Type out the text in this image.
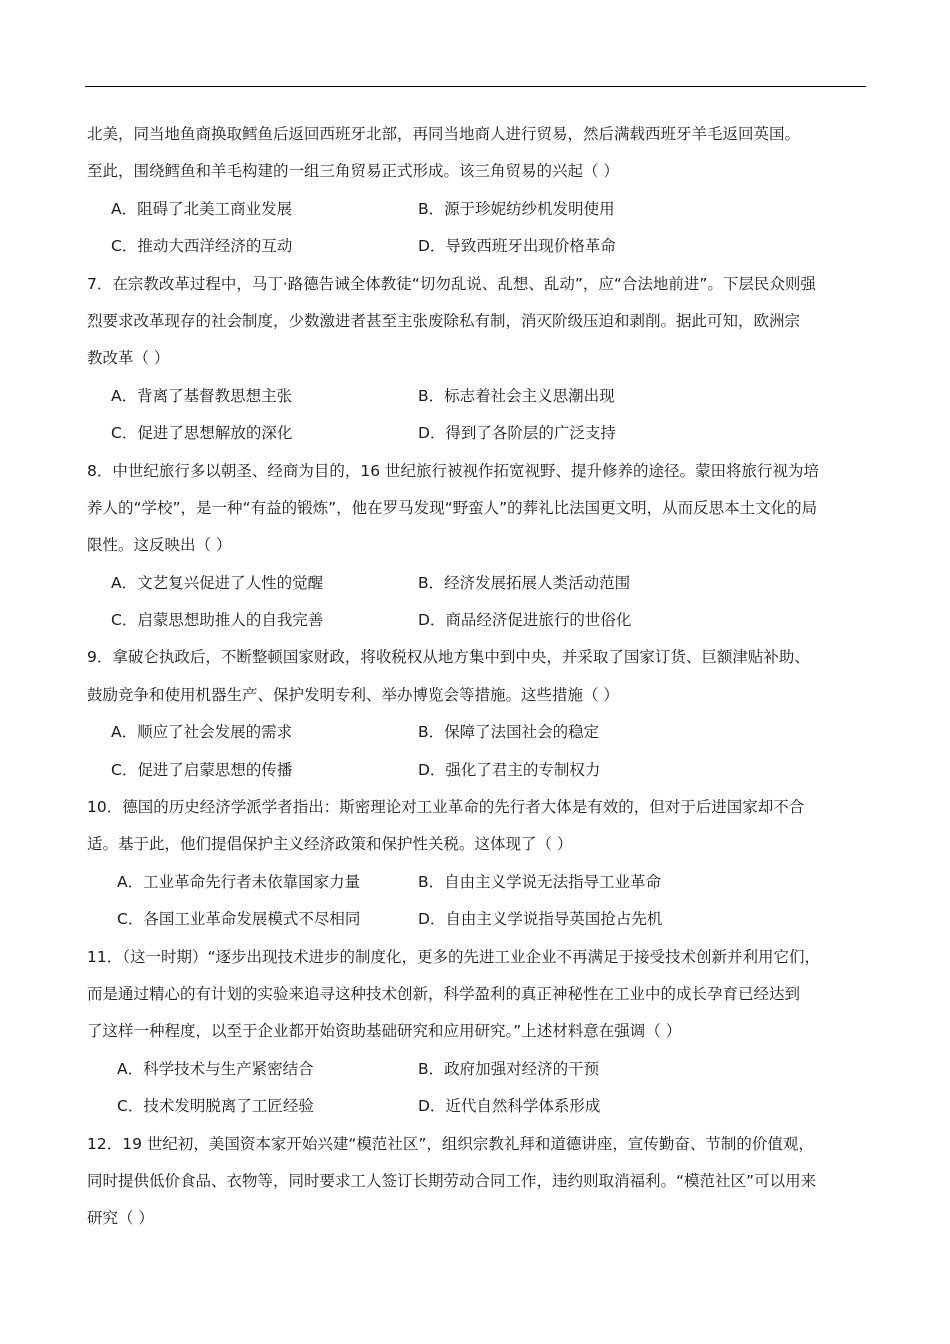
北美，同当地鱼商换取鳕鱼后返回西班牙北部，再同当地商人进行贸易，然后满载西班牙羊毛返回英国。
至此，围绕鳕鱼和羊毛构建的一组三角贸易正式形成。该三角贸易的兴起（ ）
A．阻碍了北美工商业发展	B．源于珍妮纺纱机发明使用
C．推动大西洋经济的互动	D．导致西班牙出现价格革命
7．在宗教改革过程中，马丁·路德告诫全体教徒“切勿乱说、乱想、乱动”，应“合法地前进”。下层民众则强
烈要求改革现存的社会制度，少数激进者甚至主张废除私有制，消灭阶级压迫和剥削。据此可知，欧洲宗
教改革（ ）
A．背离了基督教思想主张	B．标志着社会主义思潮出现
C．促进了思想解放的深化	D．得到了各阶层的广泛支持
8．中世纪旅行多以朝圣、经商为目的，16 世纪旅行被视作拓宽视野、提升修养的途径。蒙田将旅行视为培
养人的“学校”，是一种“有益的锻炼”，他在罗马发现“野蛮人”的葬礼比法国更文明，从而反思本土文化的局
限性。这反映出（ ）
A．文艺复兴促进了人性的觉醒	B．经济发展拓展人类活动范围
C．启蒙思想助推人的自我完善	D．商品经济促进旅行的世俗化
9．拿破仑执政后，不断整顿国家财政，将收税权从地方集中到中央，并采取了国家订货、巨额津贴补助、
鼓励竞争和使用机器生产、保护发明专利、举办博览会等措施。这些措施（ ）
A．顺应了社会发展的需求	B．保障了法国社会的稳定
C．促进了启蒙思想的传播	D．强化了君主的专制权力
10．德国的历史经济学派学者指出：斯密理论对工业革命的先行者大体是有效的，但对于后进国家却不合
适。基于此，他们提倡保护主义经济政策和保护性关税。这体现了（ ）
A．工业革命先行者未依靠国家力量	B．自由主义学说无法指导工业革命
C．各国工业革命发展模式不尽相同	D．自由主义学说指导英国抢占先机
11．（这一时期）“逐步出现技术进步的制度化，更多的先进工业企业不再满足于接受技术创新并利用它们，
而是通过精心的有计划的实验来追寻这种技术创新，科学盈利的真正神秘性在工业中的成长孕育已经达到
了这样一种程度，以至于企业都开始资助基础研究和应用研究。”上述材料意在强调（ ）
A．科学技术与生产紧密结合	B．政府加强对经济的干预
C．技术发明脱离了工匠经验	D．近代自然科学体系形成
12．19 世纪初，美国资本家开始兴建“模范社区”，组织宗教礼拜和道德讲座，宣传勤奋、节制的价值观，
同时提供低价食品、衣物等，同时要求工人签订长期劳动合同工作，违约则取消福利。“模范社区”可以用来
研究（ ）
